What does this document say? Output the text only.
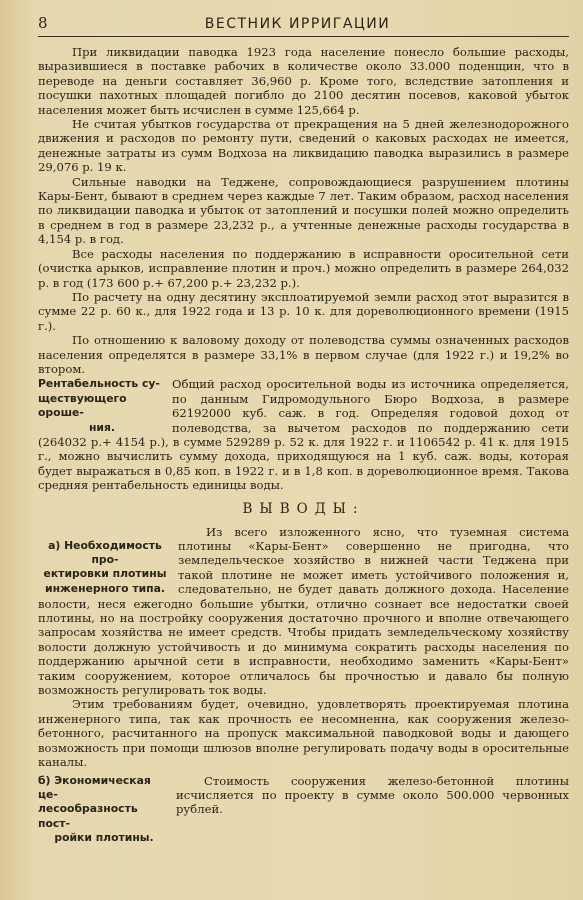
8	ВЕСТНИК ИРРИГАЦИИ

При ликвидации паводка 1923 года население понесло большие расходы, выразившиеся в поставке рабочих в количестве около 33.000 поденщин, что в переводе на деньги составляет 36,960 р. Кроме того, вследствие затопления и посушки пахотных площадей погибло до 2100 десятин посевов, каковой убыток населения может быть исчислен в сумме 125,664 р.

Не считая убытков государства от прекращения на 5 дней железнодорожного движения и расходов по ремонту пути, сведений о каковых расходах не имеется, денежные затраты из сумм Водхоза на ликвидацию паводка выразились в размере 29,076 р. 19 к.

Сильные наводки на Теджене, сопровождающиеся разрушением плотины Кары-Бент, бывают в среднем через каждые 7 лет. Таким образом, расход населения по ликвидации паводка и убыток от затоплений и посушки полей можно определить в среднем в год в размере 23,232 р., а учтенные денежные расходы государства в 4,154 р. в год.

Все расходы населения по поддержанию в исправности оросительной сети (очистка арыков, исправление плотин и проч.) можно определить в размере 264,032 р. в год (173 600 р.+ 67,200 р.+ 23,232 р.).

По расчету на одну десятину эксплоатируемой земли расход этот выразится в сумме 22 р. 60 к., для 1922 года и 13 р. 10 к. для дореволюционного времени (1915 г.).

По отношению к валовому доходу от полеводства суммы означенных расходов населения определятся в размере 33,1% в первом случае (для 1922 г.) и 19,2% во втором.

Рентабельность су-
ществующего ороше-
ния.

Общий расход оросительной воды из источника определяется, по данным Гидромодульного Бюро Водхоза, в размере 62192000 куб. саж. в год. Определяя годовой доход от полеводства, за вычетом расходов по поддержанию сети (264032 р.+ 4154 р.), в сумме 529289 р. 52 к. для 1922 г. и 1106542 р. 41 к. для 1915 г., можно вычислить сумму дохода, приходящуюся на 1 куб. саж. воды, которая будет выражаться в 0,85 коп. в 1922 г. и в 1,8 коп. в дореволюционное время. Такова средняя рентабельность единицы воды.

ВЫВОДЫ:
а) Необходимость про-
ектировки плотины
инженерного типа.

Из всего изложенного ясно, что туземная система плотины «Кары-Бент» совершенно не пригодна, что земледельческое хозяйство в нижней части Теджена при такой плотине не может иметь устойчивого положения и, следовательно, не будет давать должного дохода. Население волости, неся ежегодно большие убытки, отлично сознает все недостатки своей плотины, но на постройку сооружения достаточно прочного и вполне отвечающего запросам хозяйства не имеет средств. Чтобы придать земледельческому хозяйству волости должную устойчивость и до минимума сократить расходы населения по поддержанию арычной сети в исправности, необходимо заменить «Кары-Бент» таким сооружением, которое отличалось бы прочностью и давало бы полную возможность регулировать ток воды.

Этим требованиям будет, очевидно, удовлетворять проектируемая плотина инженерного типа, так как прочность ее несомненна, как сооружения железо-бетонного, расчитанного на пропуск максимальной паводковой воды и дающего возможность при помощи шлюзов вполне регулировать подачу воды в оросительные каналы.

б) Экономическая це-
лесообразность пост-
ройки плотины.

Стоимость сооружения железо-бетонной плотины исчисляется по проекту в сумме около 500.000 червонных рублей.
